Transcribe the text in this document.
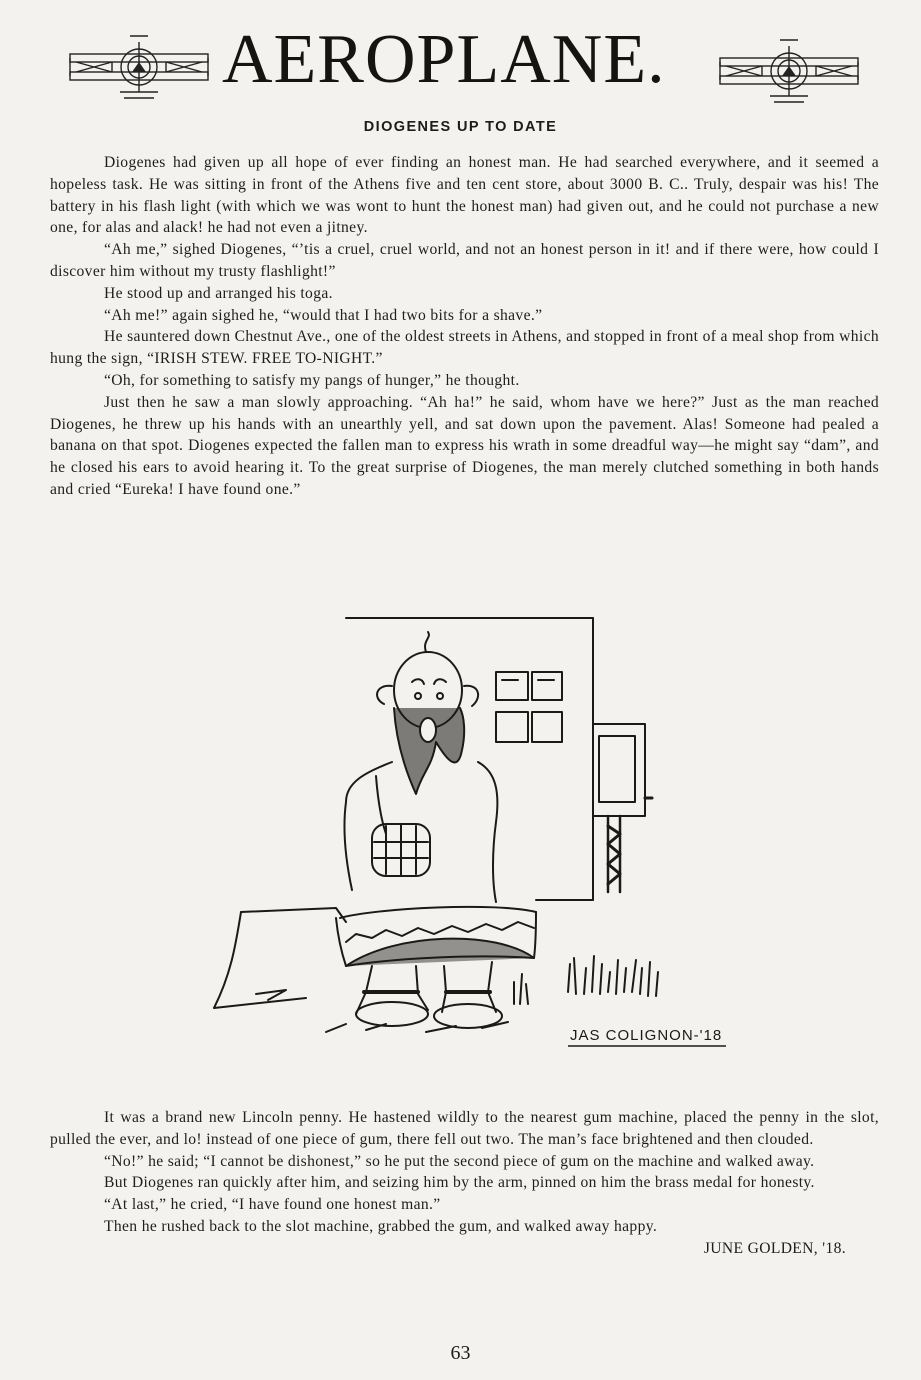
AEROPLANE.
DIOGENES UP TO DATE

Diogenes had given up all hope of ever finding an honest man. He had searched everywhere, and it seemed a hopeless task. He was sitting in front of the Athens five and ten cent store, about 3000 B. C.. Truly, despair was his! The battery in his flash light (with which we was wont to hunt the honest man) had given out, and he could not purchase a new one, for alas and alack! he had not even a jitney.

“Ah me,” sighed Diogenes, “’tis a cruel, cruel world, and not an honest person in it! and if there were, how could I discover him without my trusty flashlight!”

He stood up and arranged his toga.

“Ah me!” again sighed he, “would that I had two bits for a shave.”

He sauntered down Chestnut Ave., one of the oldest streets in Athens, and stopped in front of a meal shop from which hung the sign, “IRISH STEW. FREE TO-NIGHT.”

“Oh, for something to satisfy my pangs of hunger,” he thought.

Just then he saw a man slowly approaching. “Ah ha!” he said, whom have we here?” Just as the man reached Diogenes, he threw up his hands with an unearthly yell, and sat down upon the pavement. Alas! Someone had pealed a banana on that spot. Diogenes expected the fallen man to express his wrath in some dreadful way—he might say “dam”, and he closed his ears to avoid hearing it. To the great surprise of Diogenes, the man merely clutched something in both hands and cried “Eureka! I have found one.”

JAS COLIGNON-'18

It was a brand new Lincoln penny. He hastened wildly to the nearest gum machine, placed the penny in the slot, pulled the ever, and lo! instead of one piece of gum, there fell out two. The man’s face brightened and then clouded.

“No!” he said; “I cannot be dishonest,” so he put the second piece of gum on the machine and walked away.

But Diogenes ran quickly after him, and seizing him by the arm, pinned on him the brass medal for honesty.

“At last,” he cried, “I have found one honest man.”

Then he rushed back to the slot machine, grabbed the gum, and walked away happy.

JUNE GOLDEN, '18.

63
